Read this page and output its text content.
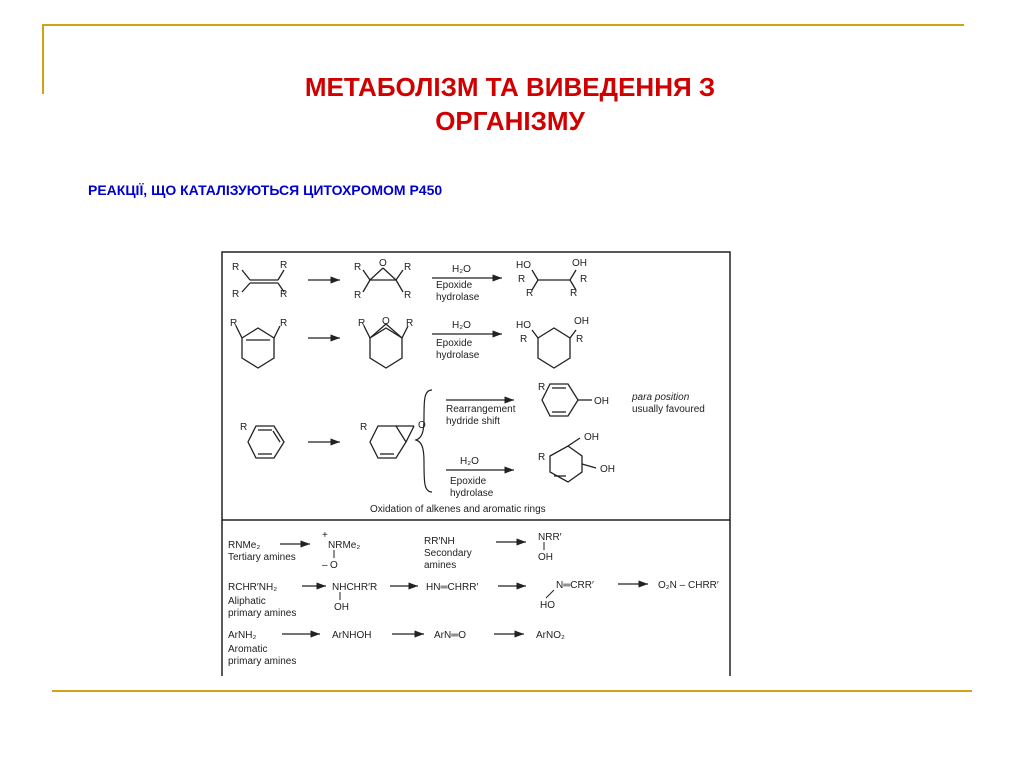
МЕТАБОЛІЗМ ТА ВИВЕДЕННЯ З
ОРГАНІЗМУ
РЕАКЦІЇ, ЩО КАТАЛІЗУЮТЬСЯ ЦИТОХРОМОМ Р450
R	R
R	R
O
R	R
R	R
H₂O
Epoxide
hydrolase
HO	OH
R	R
R	R
R	R	O
R	R	H₂O
Epoxide
hydrolase
HO	OH
R	R
R	R	O
Rearrangement
hydride shift
R
OH para position
usually favoured
H₂O
Epoxide
hydrolase
R
OH
OH
Oxidation of alkenes and aromatic rings
RNMe₂
Tertiary amines
+
NRMe₂
– O
RR′NH
Secondary
amines
NRR′
OH
RCHR′NH₂
Aliphatic
primary amines
NHCHR′R
OH
HN═CHRR′	N═CRR′
HO
O₂N – CHRR′
ArNH₂
Aromatic
primary amines
ArNHOH	ArN═O	ArNO₂
